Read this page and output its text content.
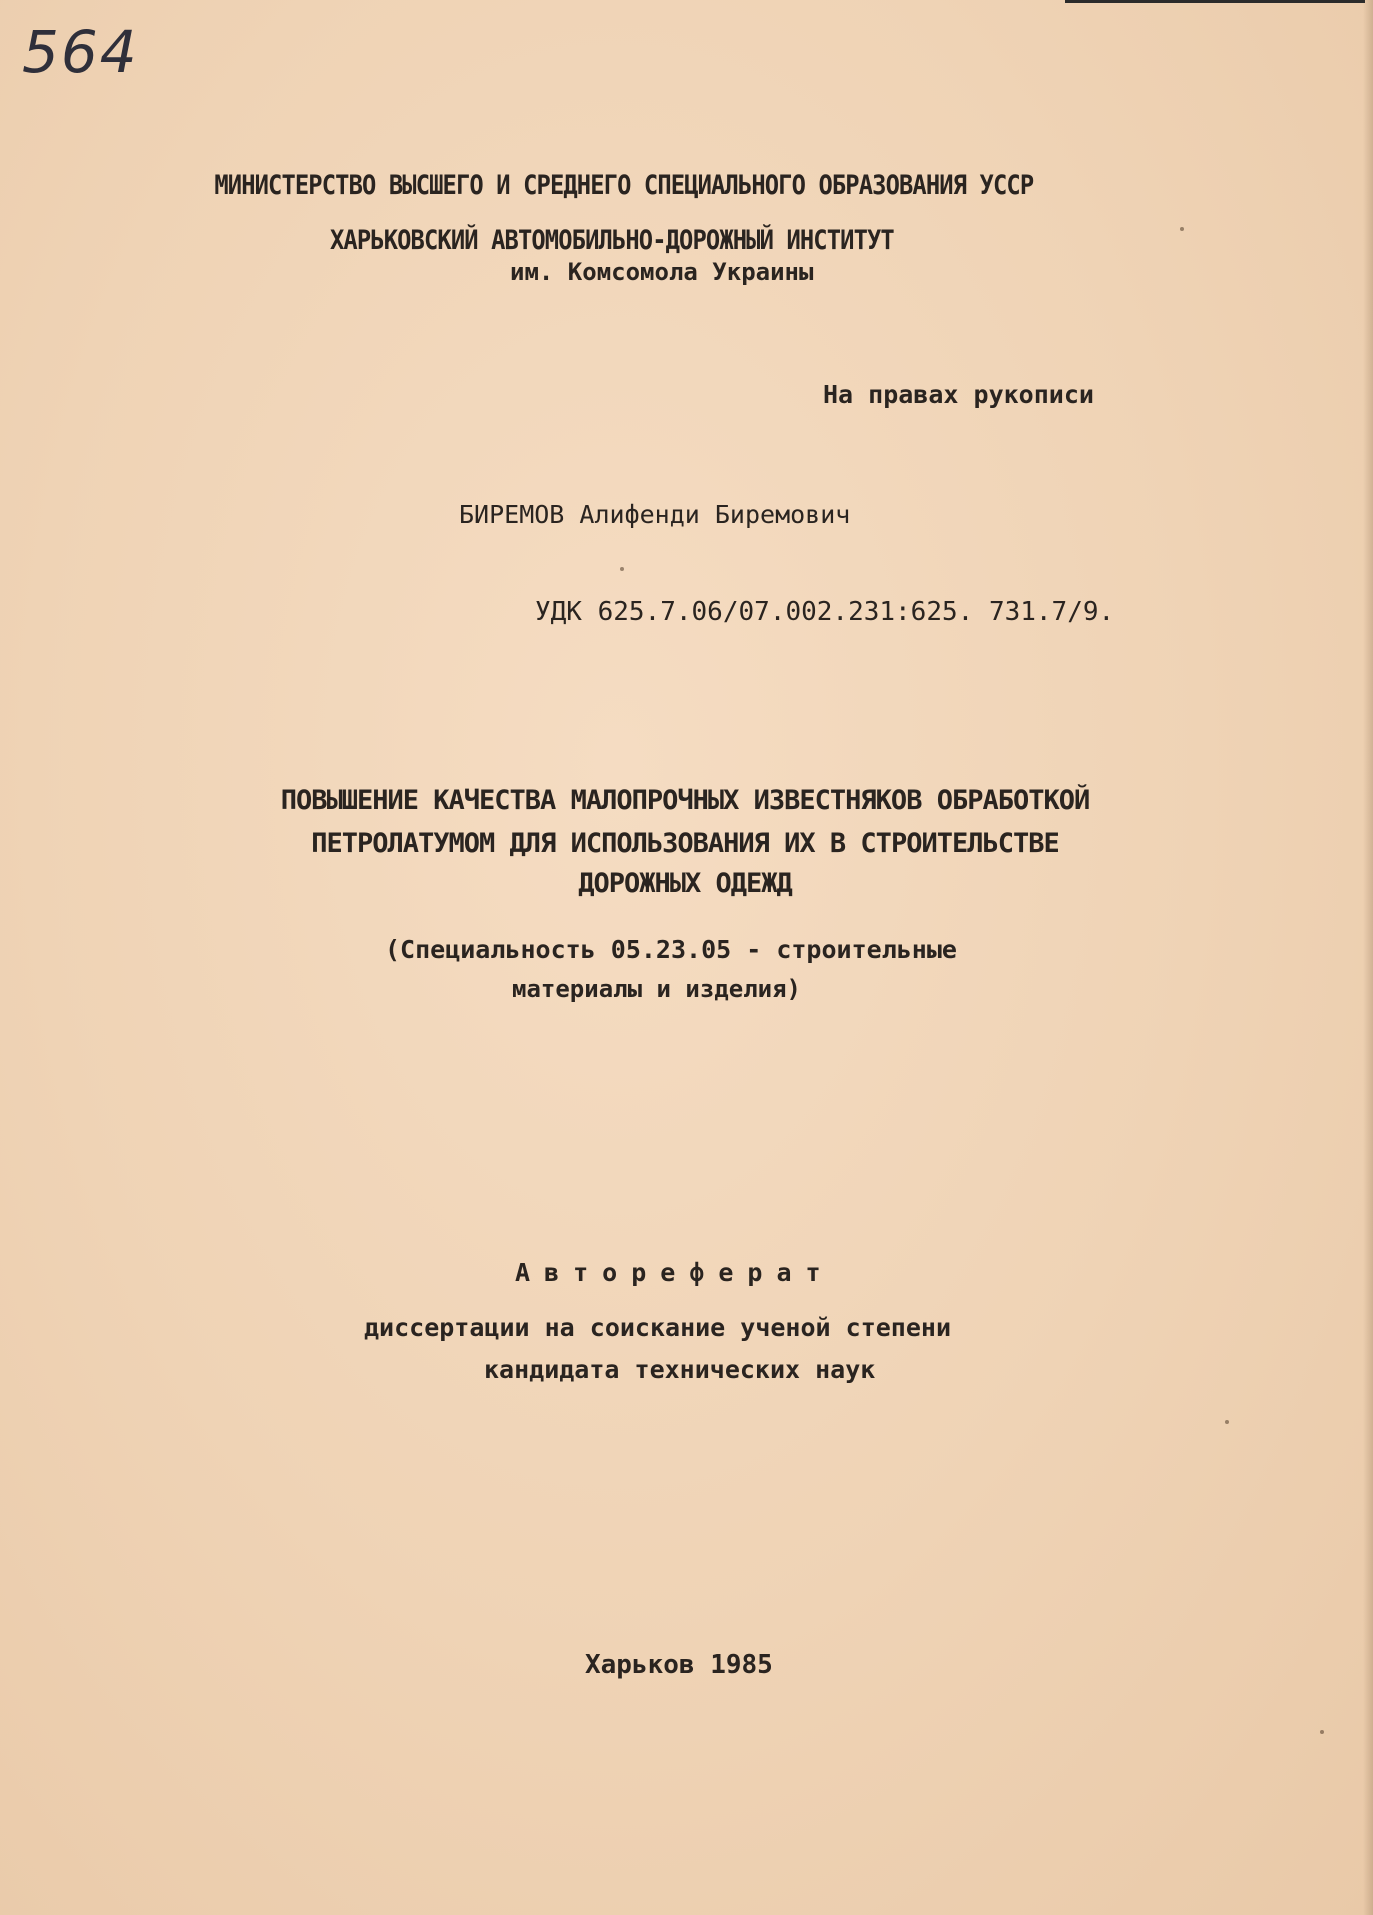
564
МИНИСТЕРСТВО ВЫСШЕГО И СРЕДНЕГО СПЕЦИАЛЬНОГО ОБРАЗОВАНИЯ УССР
ХАРЬКОВСКИЙ АВТОМОБИЛЬНО-ДОРОЖНЫЙ ИНСТИТУТ
им. Комсомола Украины
На правах рукописи
БИРЕМОВ Алифенди Биремович
УДК 625.7.06/07.002.231:625. 731.7/9.
ПОВЫШЕНИЕ КАЧЕСТВА МАЛОПРОЧНЫХ ИЗВЕСТНЯКОВ ОБРАБОТКОЙ
ПЕТРОЛАТУМОМ ДЛЯ ИСПОЛЬЗОВАНИЯ ИХ В СТРОИТЕЛЬСТВЕ
ДОРОЖНЫХ ОДЕЖД
(Специальность 05.23.05 - строительные
материалы и изделия)
Автореферат
диссертации на соискание ученой степени
кандидата технических наук
Харьков 1985
